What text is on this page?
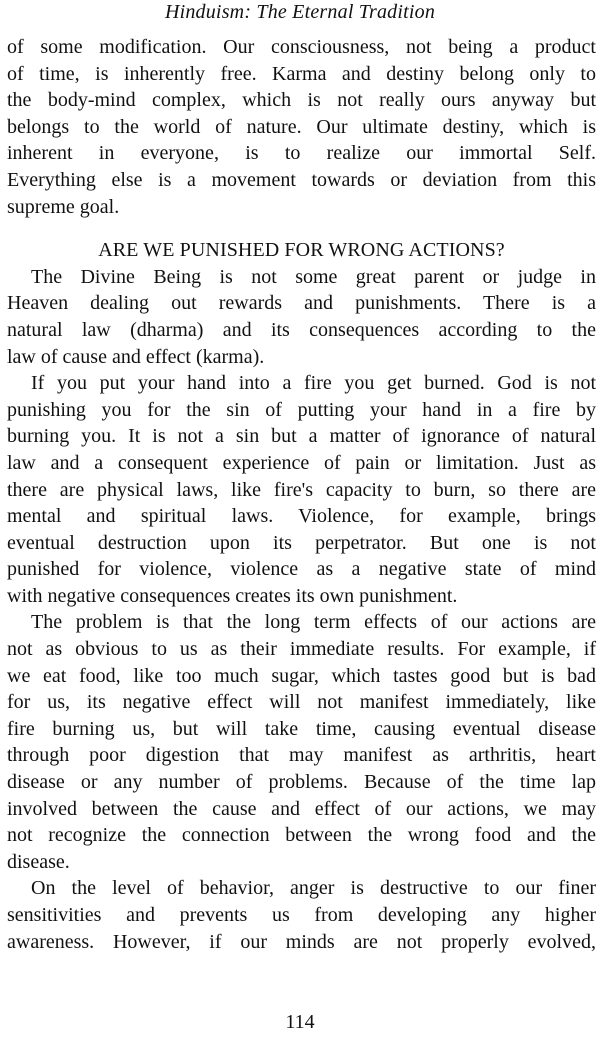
Hinduism: The Eternal Tradition
of some modification. Our consciousness, not being a product
of time, is inherently free. Karma and destiny belong only to
the body-mind complex, which is not really ours anyway but
belongs to the world of nature. Our ultimate destiny, which is
inherent in everyone, is to realize our immortal Self.
Everything else is a movement towards or deviation from this
supreme goal.
ARE WE PUNISHED FOR WRONG ACTIONS?
The Divine Being is not some great parent or judge in
Heaven dealing out rewards and punishments. There is a
natural law (dharma) and its consequences according to the
law of cause and effect (karma).
If you put your hand into a fire you get burned. God is not
punishing you for the sin of putting your hand in a fire by
burning you. It is not a sin but a matter of ignorance of natural
law and a consequent experience of pain or limitation. Just as
there are physical laws, like fire's capacity to burn, so there are
mental and spiritual laws. Violence, for example, brings
eventual destruction upon its perpetrator. But one is not
punished for violence, violence as a negative state of mind
with negative consequences creates its own punishment.
The problem is that the long term effects of our actions are
not as obvious to us as their immediate results. For example, if
we eat food, like too much sugar, which tastes good but is bad
for us, its negative effect will not manifest immediately, like
fire burning us, but will take time, causing eventual disease
through poor digestion that may manifest as arthritis, heart
disease or any number of problems. Because of the time lap
involved between the cause and effect of our actions, we may
not recognize the connection between the wrong food and the
disease.
On the level of behavior, anger is destructive to our finer
sensitivities and prevents us from developing any higher
awareness. However, if our minds are not properly evolved,
114
